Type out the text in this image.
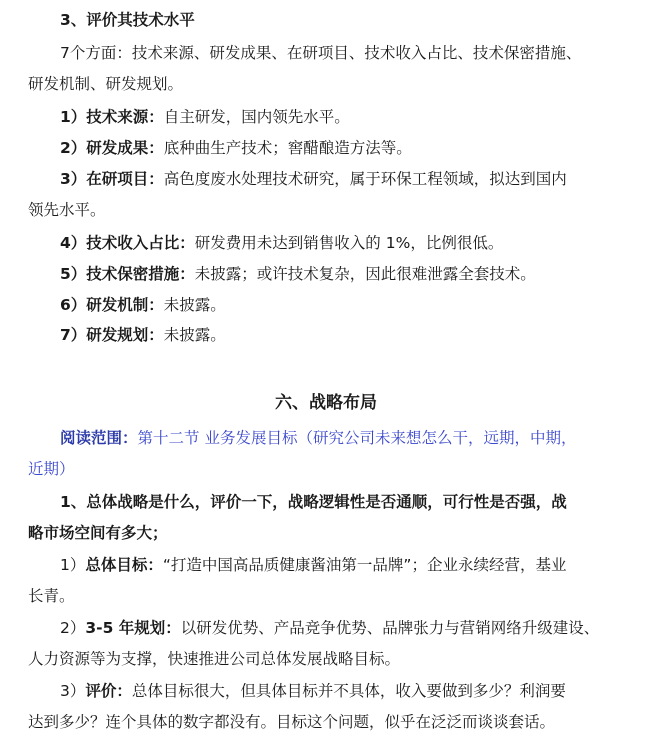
3、评价其技术水平
7个方面：技术来源、研发成果、在研项目、技术收入占比、技术保密措施、
研发机制、研发规划。
1）技术来源：自主研发，国内领先水平。
2）研发成果：底种曲生产技术；窖醋酿造方法等。
3）在研项目：高色度废水处理技术研究，属于环保工程领域，拟达到国内
领先水平。
4）技术收入占比：研发费用未达到销售收入的 1%，比例很低。
5）技术保密措施：未披露；或许技术复杂，因此很难泄露全套技术。
6）研发机制：未披露。
7）研发规划：未披露。
六、战略布局
阅读范围：第十二节 业务发展目标（研究公司未来想怎么干，远期，中期，
近期）
1、总体战略是什么，评价一下，战略逻辑性是否通顺，可行性是否强，战
略市场空间有多大；
1）总体目标：“打造中国高品质健康酱油第一品牌”；企业永续经营，基业
长青。
2）3-5 年规划：以研发优势、产品竞争优势、品牌张力与营销网络升级建设、
人力资源等为支撑，快速推进公司总体发展战略目标。
3）评价：总体目标很大，但具体目标并不具体，收入要做到多少？利润要
达到多少？连个具体的数字都没有。目标这个问题，似乎在泛泛而谈谈套话。
